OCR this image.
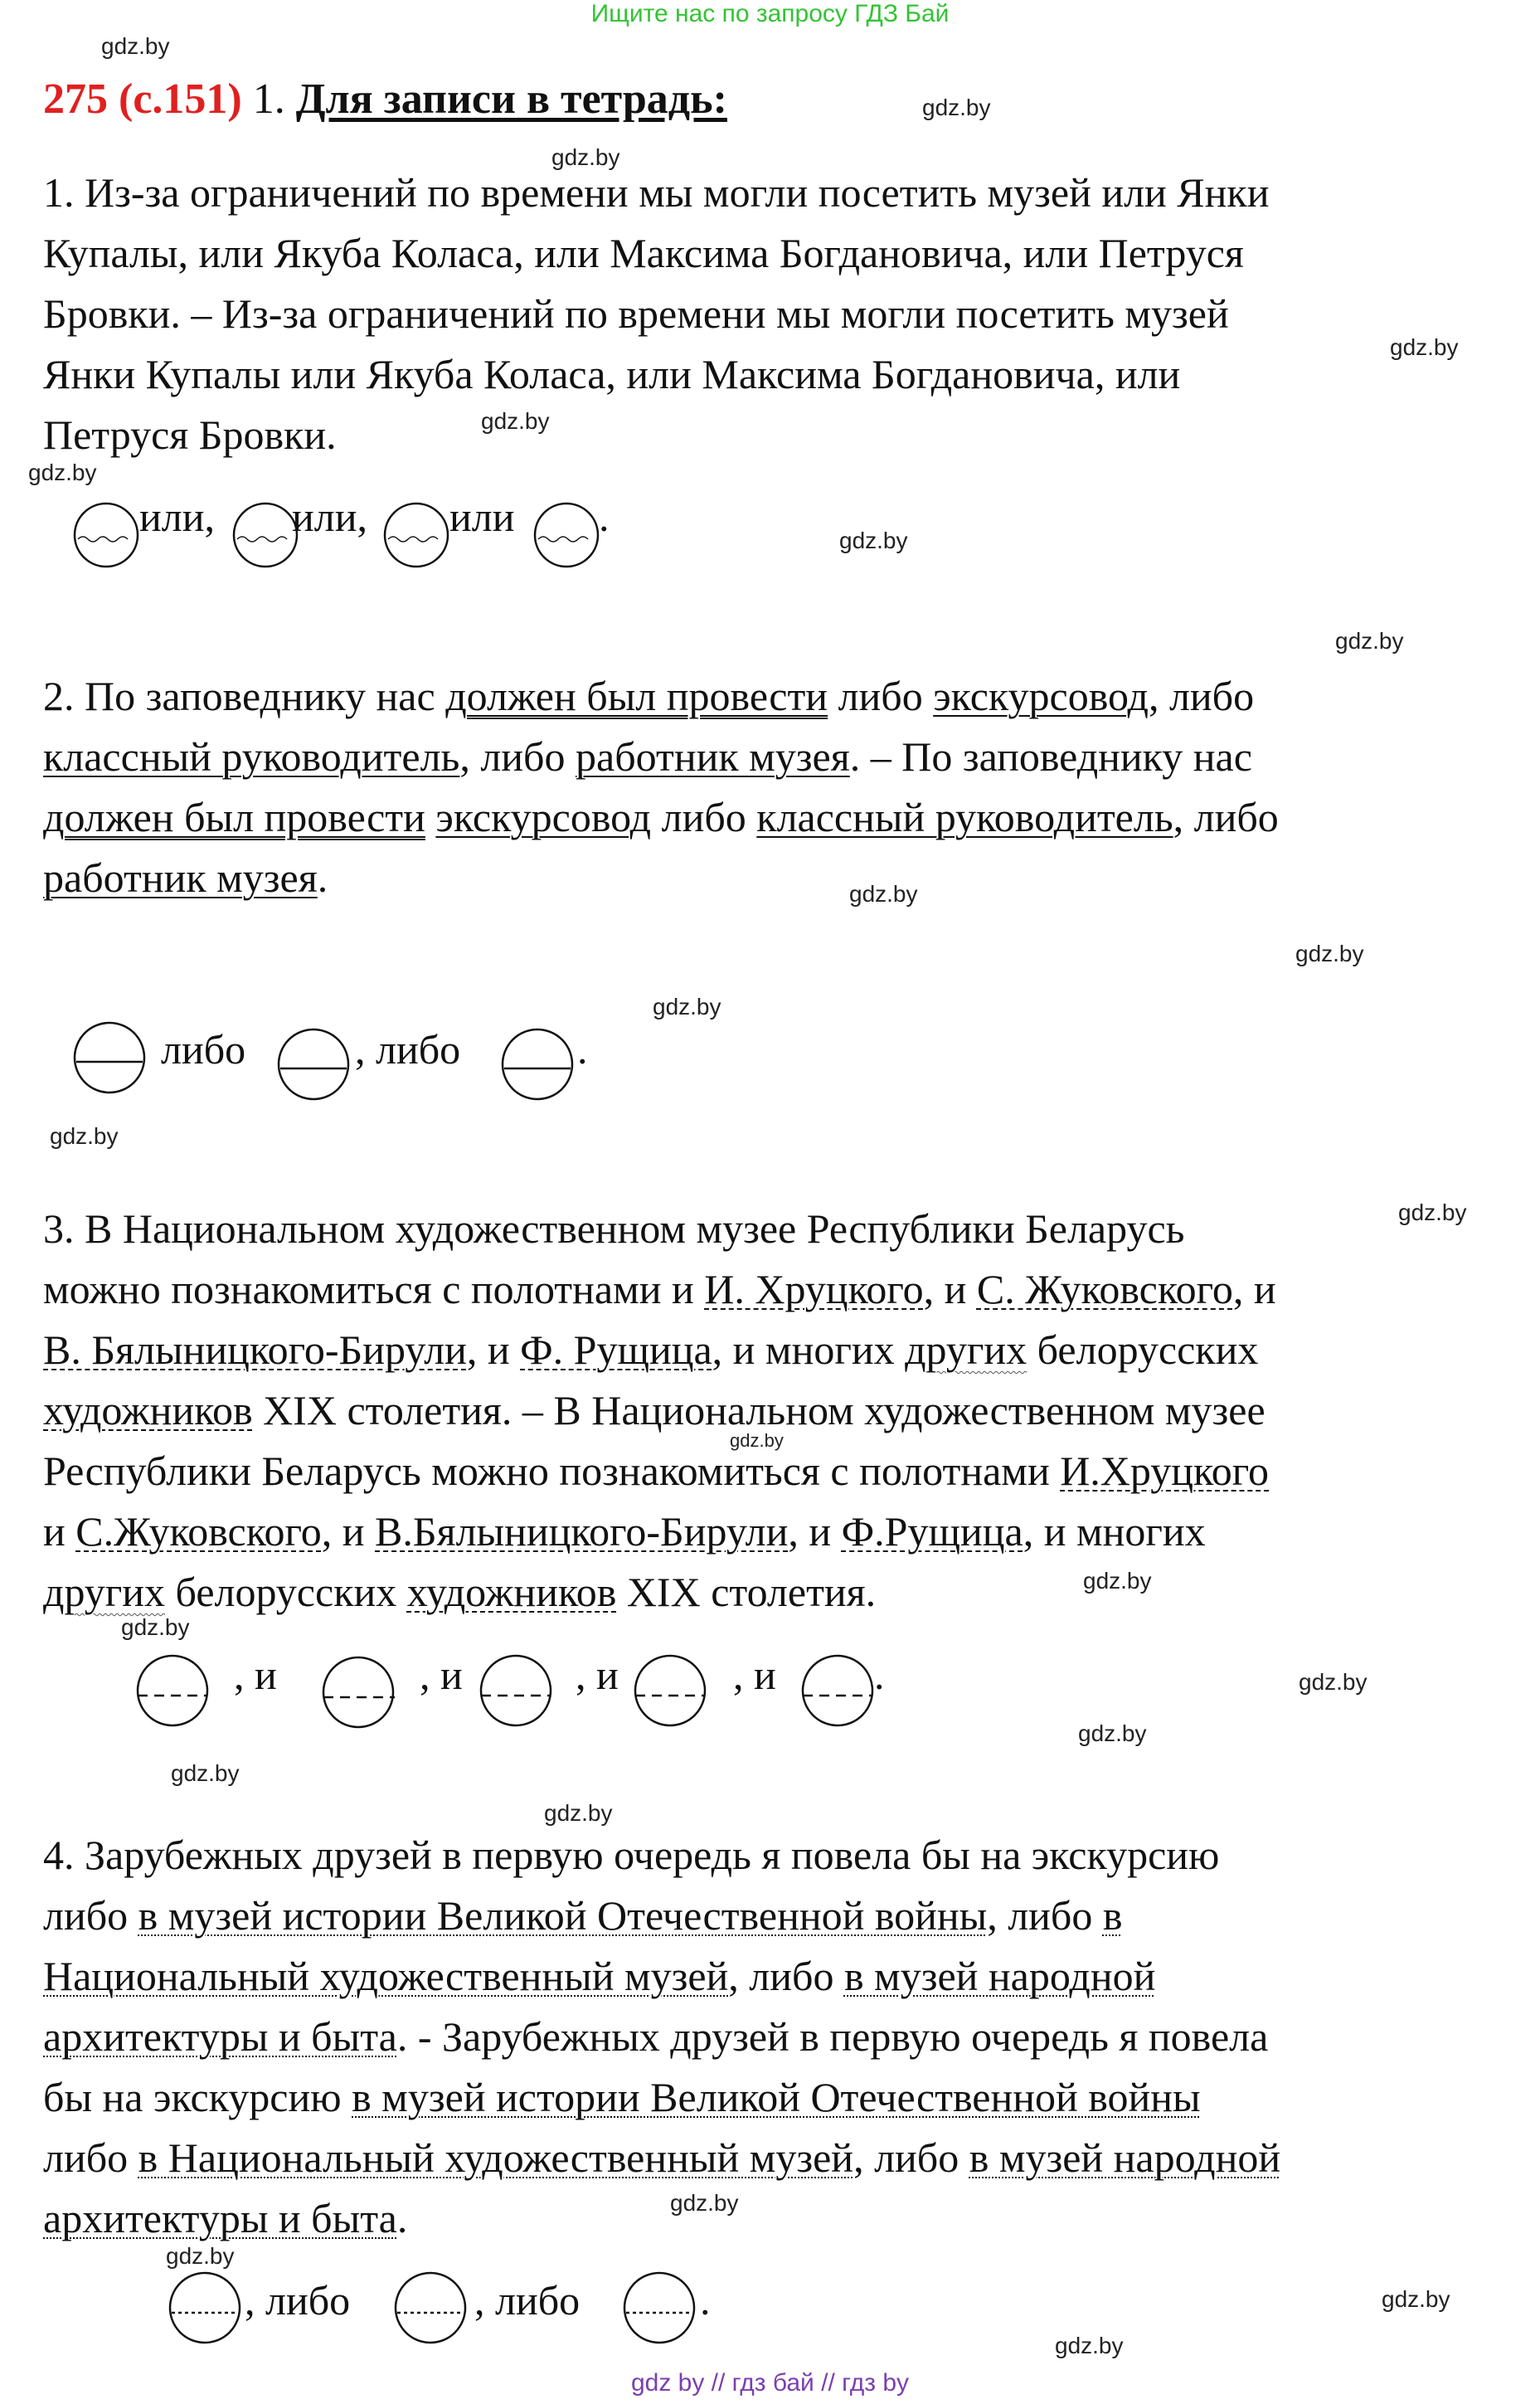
Ищите нас по запросу ГДЗ Бай
gdz.by
gdz.by
gdz.by
gdz.by
gdz.by
gdz.by
gdz.by
gdz.by
gdz.by
gdz.by
gdz.by
gdz.by
gdz.by
gdz.by
gdz.by
gdz.by
gdz.by
gdz.by
gdz.by
gdz.by
gdz.by
gdz.by
gdz.by
gdz.by
275 (с.151) 1. Для записи в тетрадь:
1. Из-за ограничений по времени мы могли посетить музей или Янки
Купалы, или Якуба Коласа, или Максима Богдановича, или Петруся
Бровки. – Из-за ограничений по времени мы могли посетить музей
Янки Купалы или Якуба Коласа, или Максима Богдановича, или
Петруся Бровки.
2. По заповеднику нас должен был провести либо экскурсовод, либо
классный руководитель, либо работник музея. – По заповеднику нас
должен был провести экскурсовод либо классный руководитель, либо
работник музея.
3. В Национальном художественном музее Республики Беларусь
можно познакомиться с полотнами и И. Хруцкого, и С. Жуковского, и
В. Бялыницкого-Бирули, и Ф. Рущица, и многих других белорусских
художников XIX столетия. – В Национальном художественном музее
Республики Беларусь можно познакомиться с полотнами И.Хруцкого
и С.Жуковского, и В.Бялыницкого-Бирули, и Ф.Рущица, и многих
других белорусских художников XIX столетия.
4. Зарубежных друзей в первую очередь я повела бы на экскурсию
либо в музей истории Великой Отечественной войны, либо в
Национальный художественный музей, либо в музей народной
архитектуры и быта. - Зарубежных друзей в первую очередь я повела
бы на экскурсию в музей истории Великой Отечественной войны
либо в Национальный художественный музей, либо в музей народной
архитектуры и быта.
или, или, или .
либо	, либо	.
, и	, и	, и	, и .
, либо	, либо	.
gdz by // гдз бай // гдз by
